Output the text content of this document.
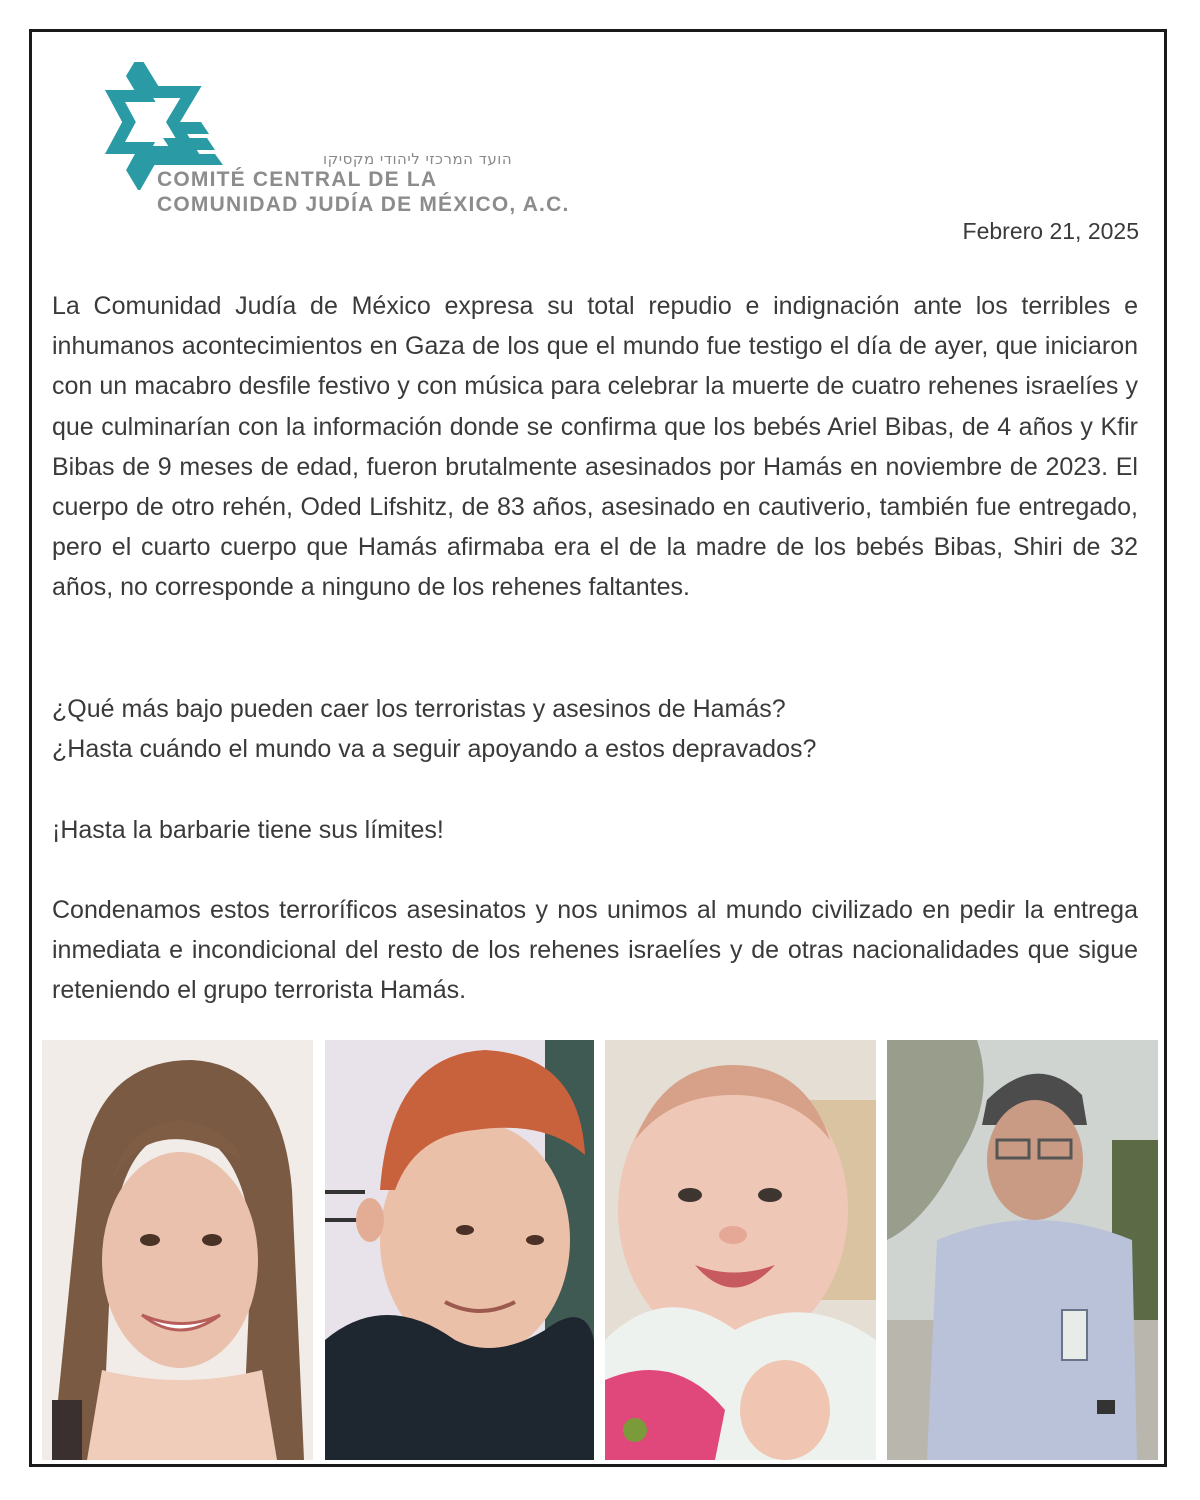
הועד המרכזי ליהודי מקסיקו
COMITÉ CENTRAL DE LA
COMUNIDAD JUDÍA DE MÉXICO, A.C.
Febrero 21, 2025

La Comunidad Judía de México expresa su total repudio e indignación ante los terribles e inhumanos acontecimientos en Gaza de los que el mundo fue testigo el día de ayer, que iniciaron con un macabro desfile festivo y con música para celebrar la muerte de cuatro rehenes israelíes y que culminarían con la información donde se confirma que los bebés Ariel Bibas, de 4 años y Kfir Bibas de 9 meses de edad, fueron brutalmente asesinados por Hamás en noviembre de 2023. El cuerpo de otro rehén, Oded Lifshitz, de 83 años, asesinado en cautiverio, también fue entregado, pero el cuarto cuerpo que Hamás afirmaba era el de la madre de los bebés Bibas, Shiri de 32 años, no corresponde a ninguno de los rehenes faltantes.

¿Qué más bajo pueden caer los terroristas y asesinos de Hamás?

¿Hasta cuándo el mundo va a seguir apoyando a estos depravados?

¡Hasta la barbarie tiene sus límites!

Condenamos estos terroríficos asesinatos y nos unimos al mundo civilizado en pedir la entrega inmediata e incondicional del resto de los rehenes israelíes y de otras nacionalidades que sigue reteniendo el grupo terrorista Hamás.
